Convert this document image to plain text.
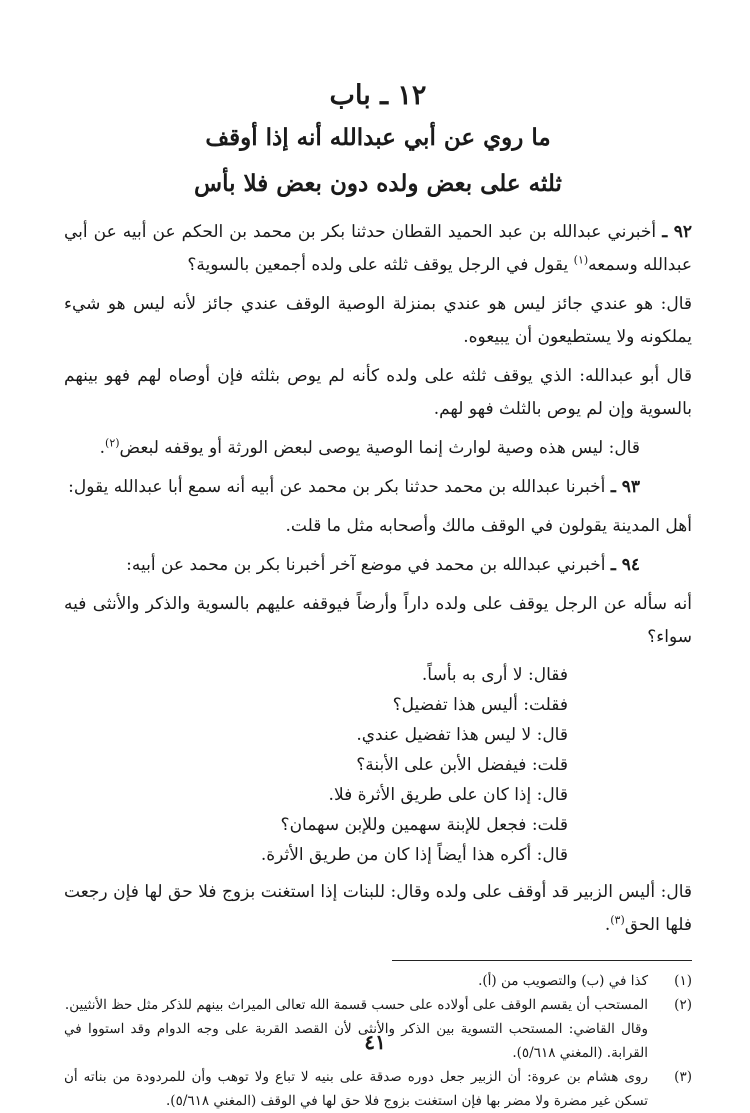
١٢ ـ باب
ما روي عن أبي عبدالله أنه إذا أوقف
ثلثه على بعض ولده دون بعض فلا بأس

٩٢ ـ أخبرني عبدالله بن عبد الحميد القطان حدثنا بكر بن محمد بن الحكم عن أبيه عن أبي عبدالله وسمعه$^{(١)}$ يقول في الرجل يوقف ثلثه على ولده أجمعين بالسوية؟

قال: هو عندي جائز ليس هو عندي بمنزلة الوصية الوقف عندي جائز لأنه ليس هو شيء يملكونه ولا يستطيعون أن يبيعوه.

قال أبو عبدالله: الذي يوقف ثلثه على ولده كأنه لم يوص بثلثه فإن أوصاه لهم فهو بينهم بالسوية وإن لم يوص بالثلث فهو لهم.

قال: ليس هذه وصية لوارث إنما الوصية يوصى لبعض الورثة أو يوقفه لبعض$^{(٢)}$.

٩٣ ـ أخبرنا عبدالله بن محمد حدثنا بكر بن محمد عن أبيه أنه سمع أبا عبدالله يقول:

أهل المدينة يقولون في الوقف مالك وأصحابه مثل ما قلت.

٩٤ ـ أخبرني عبدالله بن محمد في موضع آخر أخبرنا بكر بن محمد عن أبيه:

أنه سأله عن الرجل يوقف على ولده داراً وأرضاً فيوقفه عليهم بالسوية والذكر والأنثى فيه سواء؟

فقال: لا أرى به بأساً.

فقلت: أليس هذا تفضيل؟

قال: لا ليس هذا تفضيل عندي.

قلت: فيفضل الأبن على الأبنة؟

قال: إذا كان على طريق الأثرة فلا.

قلت: فجعل للإبنة سهمين وللإبن سهمان؟

قال: أكره هذا أيضاً إذا كان من طريق الأثرة.

قال: أليس الزبير قد أوقف على ولده وقال: للبنات إذا استغنت بزوج فلا حق لها فإن رجعت فلها الحق$^{(٣)}$.

(١)
كذا في (ب) والتصويب من (أ).
(٢)
المستحب أن يقسم الوقف على أولاده على حسب قسمة الله تعالى الميراث بينهم للذكر مثل حظ الأنثيين.

وقال القاضي: المستحب التسوية بين الذكر والأنثى لأن القصد القربة على وجه الدوام وقد استووا في القرابة. (المغني ٥/٦١٨).

(٣)
روى هشام بن عروة: أن الزبير جعل دوره صدقة على بنيه لا تباع ولا توهب وأن للمردودة من بناته أن تسكن غير مضرة ولا مضر بها فإن استغنت بزوج فلا حق لها في الوقف (المغني ٥/٦١٨).
٤١
